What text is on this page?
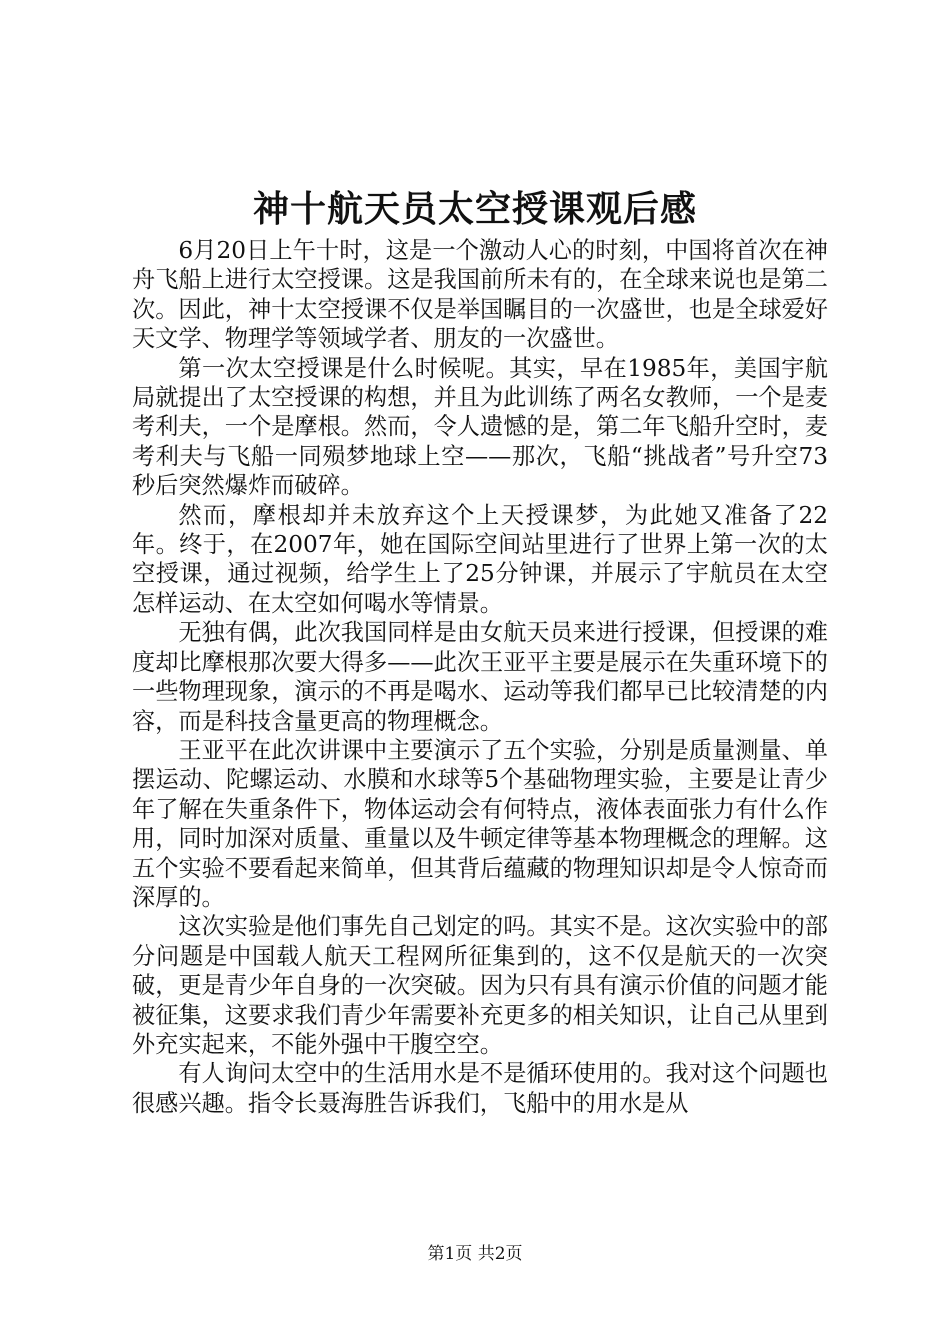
神十航天员太空授课观后感

6月20日上午十时，这是一个激动人心的时刻，中国将首次在神舟飞船上进行太空授课。这是我国前所未有的，在全球来说也是第二次。因此，神十太空授课不仅是举国瞩目的一次盛世，也是全球爱好天文学、物理学等领域学者、朋友的一次盛世。

第一次太空授课是什么时候呢。其实，早在1985年，美国宇航局就提出了太空授课的构想，并且为此训练了两名女教师，一个是麦考利夫，一个是摩根。然而，令人遗憾的是，第二年飞船升空时，麦考利夫与飞船一同殒梦地球上空——那次，飞船“挑战者”号升空73秒后突然爆炸而破碎。

然而，摩根却并未放弃这个上天授课梦，为此她又准备了22年。终于，在2007年，她在国际空间站里进行了世界上第一次的太空授课，通过视频，给学生上了25分钟课，并展示了宇航员在太空怎样运动、在太空如何喝水等情景。

无独有偶，此次我国同样是由女航天员来进行授课，但授课的难度却比摩根那次要大得多——此次王亚平主要是展示在失重环境下的一些物理现象，演示的不再是喝水、运动等我们都早已比较清楚的内容，而是科技含量更高的物理概念。

王亚平在此次讲课中主要演示了五个实验，分别是质量测量、单摆运动、陀螺运动、水膜和水球等5个基础物理实验，主要是让青少年了解在失重条件下，物体运动会有何特点，液体表面张力有什么作用，同时加深对质量、重量以及牛顿定律等基本物理概念的理解。这五个实验不要看起来简单，但其背后蕴藏的物理知识却是令人惊奇而深厚的。

这次实验是他们事先自己划定的吗。其实不是。这次实验中的部分问题是中国载人航天工程网所征集到的，这不仅是航天的一次突破，更是青少年自身的一次突破。因为只有具有演示价值的问题才能被征集，这要求我们青少年需要补充更多的相关知识，让自己从里到外充实起来，不能外强中干腹空空。

有人询问太空中的生活用水是不是循环使用的。我对这个问题也很感兴趣。指令长聂海胜告诉我们，飞船中的用水是从

第1页 共2页
